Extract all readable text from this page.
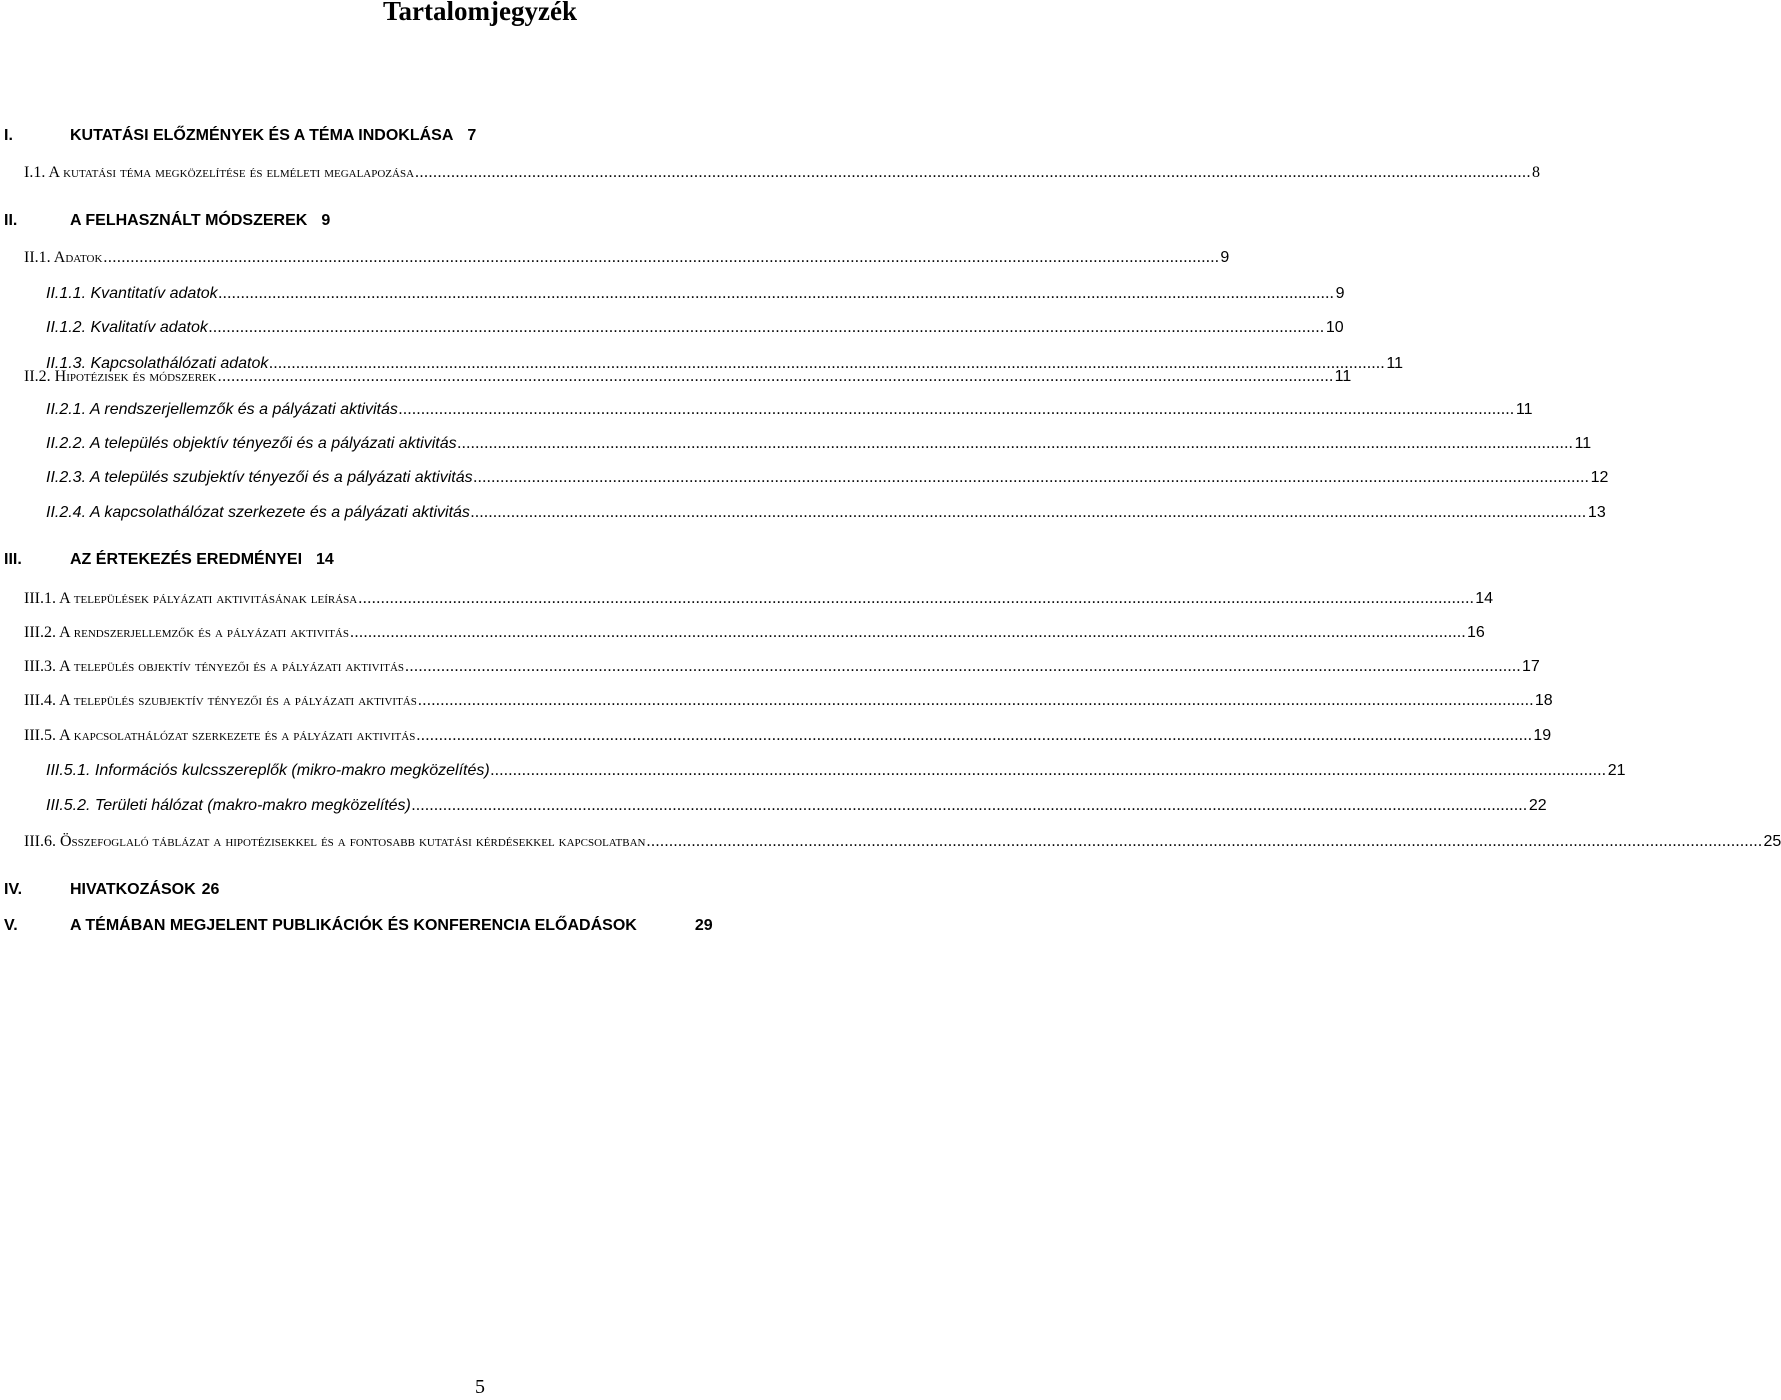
Tartalomjegyzék
I.	KUTATÁSI ELŐZMÉNYEK ÉS A TÉMA INDOKLÁSA 7
I.1. A kutatási téma megközelítése és elméleti megalapozása ........................................................................................................................................................................................................................................................ 8
II.	A FELHASZNÁLT MÓDSZEREK 9
II.1. Adatok ........................................................................................................................................................................................................................................................ 9
II.1.1. Kvantitatív adatok ........................................................................................................................................................................................................................................................ 9
II.1.2. Kvalitatív adatok ........................................................................................................................................................................................................................................................ 10
II.1.3. Kapcsolathálózati adatok ........................................................................................................................................................................................................................................................ 11
II.2. Hipotézisek és módszerek ........................................................................................................................................................................................................................................................ 11
II.2.1. A rendszerjellemzők és a pályázati aktivitás ........................................................................................................................................................................................................................................................ 11
II.2.2. A település objektív tényezői és a pályázati aktivitás ........................................................................................................................................................................................................................................................ 11
II.2.3. A település szubjektív tényezői és a pályázati aktivitás ........................................................................................................................................................................................................................................................ 12
II.2.4. A kapcsolathálózat szerkezete és a pályázati aktivitás ........................................................................................................................................................................................................................................................ 13
III.	AZ ÉRTEKEZÉS EREDMÉNYEI 14
III.1. A települések pályázati aktivitásának leírása ........................................................................................................................................................................................................................................................ 14
III.2. A rendszerjellemzők és a pályázati aktivitás ........................................................................................................................................................................................................................................................ 16
III.3. A település objektív tényezői és a pályázati aktivitás ........................................................................................................................................................................................................................................................ 17
III.4. A település szubjektív tényezői és a pályázati aktivitás ........................................................................................................................................................................................................................................................ 18
III.5. A kapcsolathálózat szerkezete és a pályázati aktivitás ........................................................................................................................................................................................................................................................ 19
III.5.1. Információs kulcsszereplők (mikro-makro megközelítés) ........................................................................................................................................................................................................................................................ 21
III.5.2. Területi hálózat (makro-makro megközelítés) ........................................................................................................................................................................................................................................................ 22
III.6. Összefoglaló táblázat a hipotézisekkel és a fontosabb kutatási kérdésekkel kapcsolatban ........................................................................................................................................................................................................................................................ 25
IV.	HIVATKOZÁSOK 26
V.	A TÉMÁBAN MEGJELENT PUBLIKÁCIÓK ÉS KONFERENCIA ELŐADÁSOK	29
5
